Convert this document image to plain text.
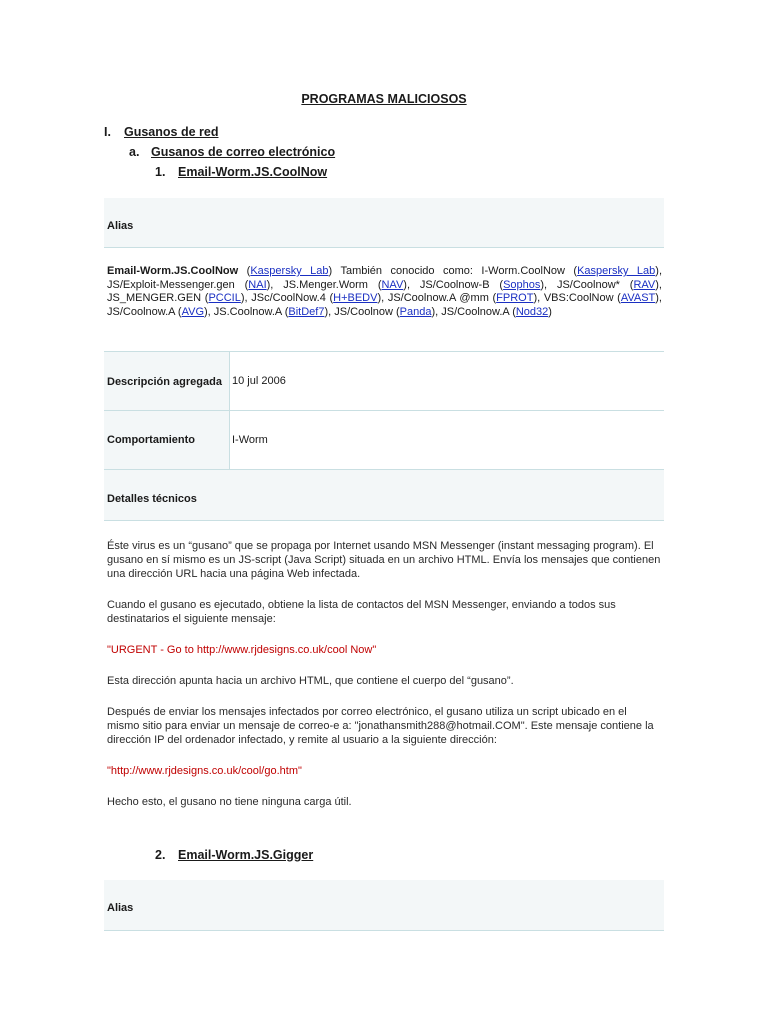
PROGRAMAS MALICIOSOS
I. Gusanos de red
a. Gusanos de correo electrónico
1. Email-Worm.JS.CoolNow
Alias
Email-Worm.JS.CoolNow (Kaspersky Lab) También conocido como: I-Worm.CoolNow (Kaspersky Lab), JS/Exploit-Messenger.gen (NAI), JS.Menger.Worm (NAV), JS/Coolnow-B (Sophos), JS/Coolnow* (RAV), JS_MENGER.GEN (PCCIL), JSc/CoolNow.4 (H+BEDV), JS/Coolnow.A @mm (FPROT), VBS:CoolNow (AVAST), JS/Coolnow.A (AVG), JS.Coolnow.A (BitDef7), JS/Coolnow (Panda), JS/Coolnow.A (Nod32)
Descripción agregada 10 jul 2006
Comportamiento	I-Worm
Detalles técnicos

Éste virus es un “gusano” que se propaga por Internet usando MSN Messenger (instant messaging program). El gusano en sí mismo es un JS-script (Java Script) situada en un archivo HTML. Envía los mensajes que contienen una dirección URL hacia una página Web infectada.

Cuando el gusano es ejecutado, obtiene la lista de contactos del MSN Messenger, enviando a todos sus destinatarios el siguiente mensaje:

"URGENT - Go to http://www.rjdesigns.co.uk/cool Now"

Esta dirección apunta hacia un archivo HTML, que contiene el cuerpo del “gusano”.

Después de enviar los mensajes infectados por correo electrónico, el gusano utiliza un script ubicado en el mismo sitio para enviar un mensaje de correo-e a: "jonathansmith288@hotmail.COM". Este mensaje contiene la dirección IP del ordenador infectado, y remite al usuario a la siguiente dirección:

"http://www.rjdesigns.co.uk/cool/go.htm"

Hecho esto, el gusano no tiene ninguna carga útil.

2. Email-Worm.JS.Gigger
Alias
